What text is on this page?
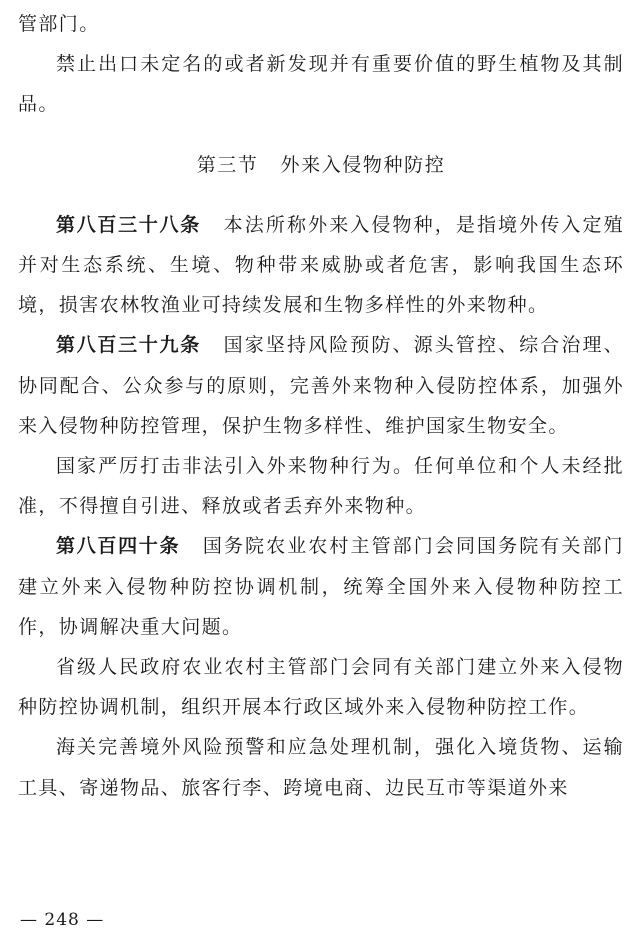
管部门。

禁止出口未定名的或者新发现并有重要价值的野生植物及其制品。

第三节 外来入侵物种防控

第八百三十八条 本法所称外来入侵物种，是指境外传入定殖并对生态系统、生境、物种带来威胁或者危害，影响我国生态环境，损害农林牧渔业可持续发展和生物多样性的外来物种。

第八百三十九条 国家坚持风险预防、源头管控、综合治理、协同配合、公众参与的原则，完善外来物种入侵防控体系，加强外来入侵物种防控管理，保护生物多样性、维护国家生物安全。

国家严厉打击非法引入外来物种行为。任何单位和个人未经批准，不得擅自引进、释放或者丢弃外来物种。

第八百四十条 国务院农业农村主管部门会同国务院有关部门建立外来入侵物种防控协调机制，统筹全国外来入侵物种防控工作，协调解决重大问题。

省级人民政府农业农村主管部门会同有关部门建立外来入侵物种防控协调机制，组织开展本行政区域外来入侵物种防控工作。

海关完善境外风险预警和应急处理机制，强化入境货物、运输工具、寄递物品、旅客行李、跨境电商、边民互市等渠道外来

— 248 —
